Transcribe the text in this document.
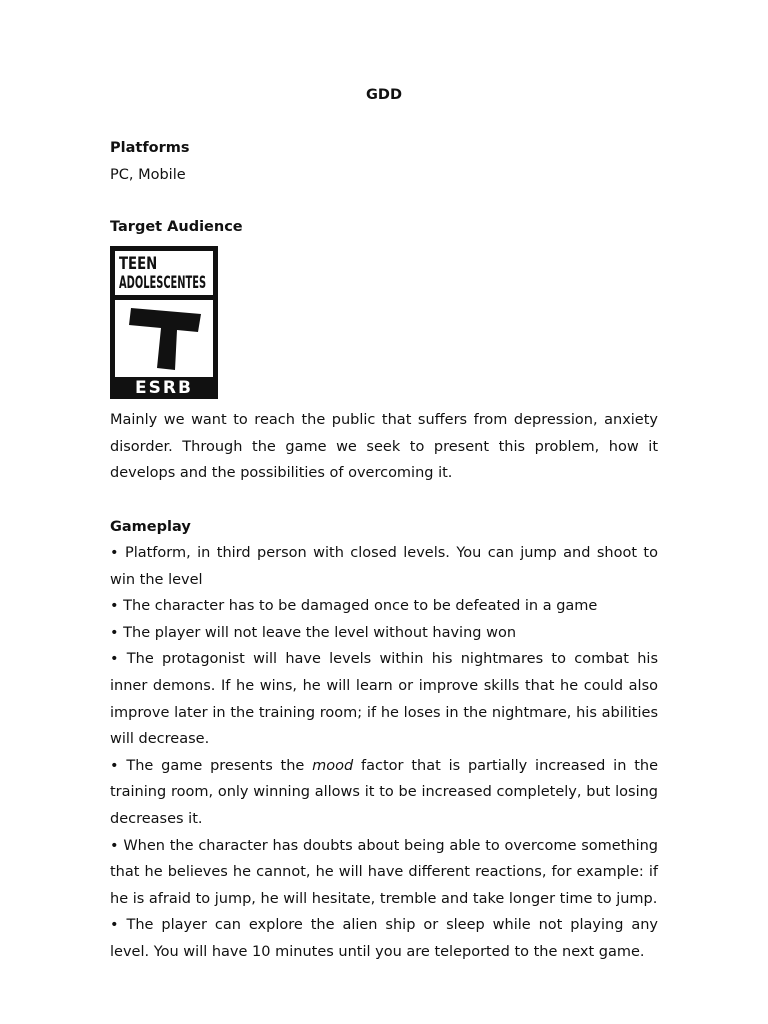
GDD

Platforms

PC, Mobile

Target Audience

TEEN
ADOLESCENTES
ESRB

Mainly we want to reach the public that suffers from depression, anxiety disorder. Through the game we seek to present this problem, how it develops and the possibilities of overcoming it.

Gameplay

• Platform, in third person with closed levels. You can jump and shoot to win the level
• The character has to be damaged once to be defeated in a game
• The player will not leave the level without having won
• The protagonist will have levels within his nightmares to combat his inner demons. If he wins, he will learn or improve skills that he could also improve later in the training room; if he loses in the nightmare, his abilities will decrease.
• The game presents the mood factor that is partially increased in the training room, only winning allows it to be increased completely, but losing decreases it.
• When the character has doubts about being able to overcome something that he believes he cannot, he will have different reactions, for example: if he is afraid to jump, he will hesitate, tremble and take longer time to jump.
• The player can explore the alien ship or sleep while not playing any level. You will have 10 minutes until you are teleported to the next game.
